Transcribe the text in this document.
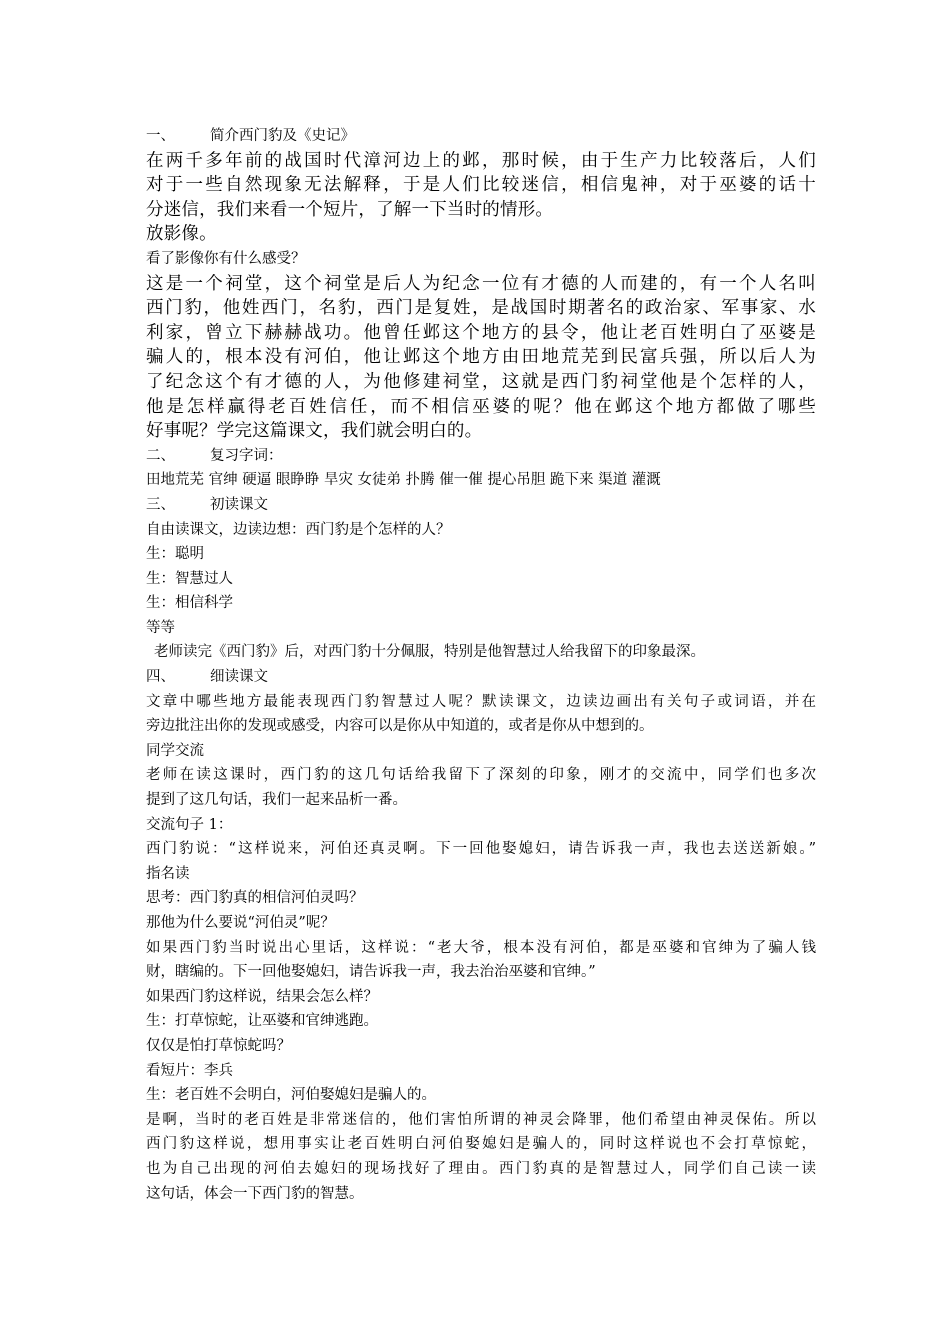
一、 简介西门豹及《史记》
在两千多年前的战国时代漳河边上的邺，那时候，由于生产力比较落后，人们
对于一些自然现象无法解释，于是人们比较迷信，相信鬼神，对于巫婆的话十
分迷信，我们来看一个短片，了解一下当时的情形。
放影像。
看了影像你有什么感受？
这是一个祠堂，这个祠堂是后人为纪念一位有才德的人而建的，有一个人名叫
西门豹，他姓西门，名豹，西门是复姓，是战国时期著名的政治家、军事家、水
利家，曾立下赫赫战功。他曾任邺这个地方的县令，他让老百姓明白了巫婆是
骗人的，根本没有河伯，他让邺这个地方由田地荒芜到民富兵强，所以后人为
了纪念这个有才德的人，为他修建祠堂，这就是西门豹祠堂他是个怎样的人，
他是怎样赢得老百姓信任，而不相信巫婆的呢？他在邺这个地方都做了哪些
好事呢？学完这篇课文，我们就会明白的。
二、 复习字词：
田地荒芜 官绅 硬逼 眼睁睁 旱灾 女徒弟 扑腾 催一催 提心吊胆 跪下来 渠道 灌溉
三、 初读课文
自由读课文，边读边想：西门豹是个怎样的人？
生：聪明
生：智慧过人
生：相信科学
等等
老师读完《西门豹》后，对西门豹十分佩服，特别是他智慧过人给我留下的印象最深。
四、 细读课文
文章中哪些地方最能表现西门豹智慧过人呢？默读课文，边读边画出有关句子或词语，并在
旁边批注出你的发现或感受，内容可以是你从中知道的，或者是你从中想到的。
同学交流
老师在读这课时，西门豹的这几句话给我留下了深刻的印象，刚才的交流中，同学们也多次
提到了这几句话，我们一起来品析一番。
交流句子 1：
西门豹说：“这样说来，河伯还真灵啊。下一回他娶媳妇，请告诉我一声，我也去送送新娘。”
指名读
思考：西门豹真的相信河伯灵吗？
那他为什么要说“河伯灵”呢？
如果西门豹当时说出心里话，这样说：“老大爷，根本没有河伯，都是巫婆和官绅为了骗人钱
财，瞎编的。下一回他娶媳妇，请告诉我一声，我去治治巫婆和官绅。”
如果西门豹这样说，结果会怎么样？
生：打草惊蛇，让巫婆和官绅逃跑。
仅仅是怕打草惊蛇吗？
看短片：李兵
生：老百姓不会明白，河伯娶媳妇是骗人的。
是啊，当时的老百姓是非常迷信的，他们害怕所谓的神灵会降罪，他们希望由神灵保佑。所以
西门豹这样说，想用事实让老百姓明白河伯娶媳妇是骗人的，同时这样说也不会打草惊蛇，
也为自己出现的河伯去媳妇的现场找好了理由。西门豹真的是智慧过人，同学们自己读一读
这句话，体会一下西门豹的智慧。
